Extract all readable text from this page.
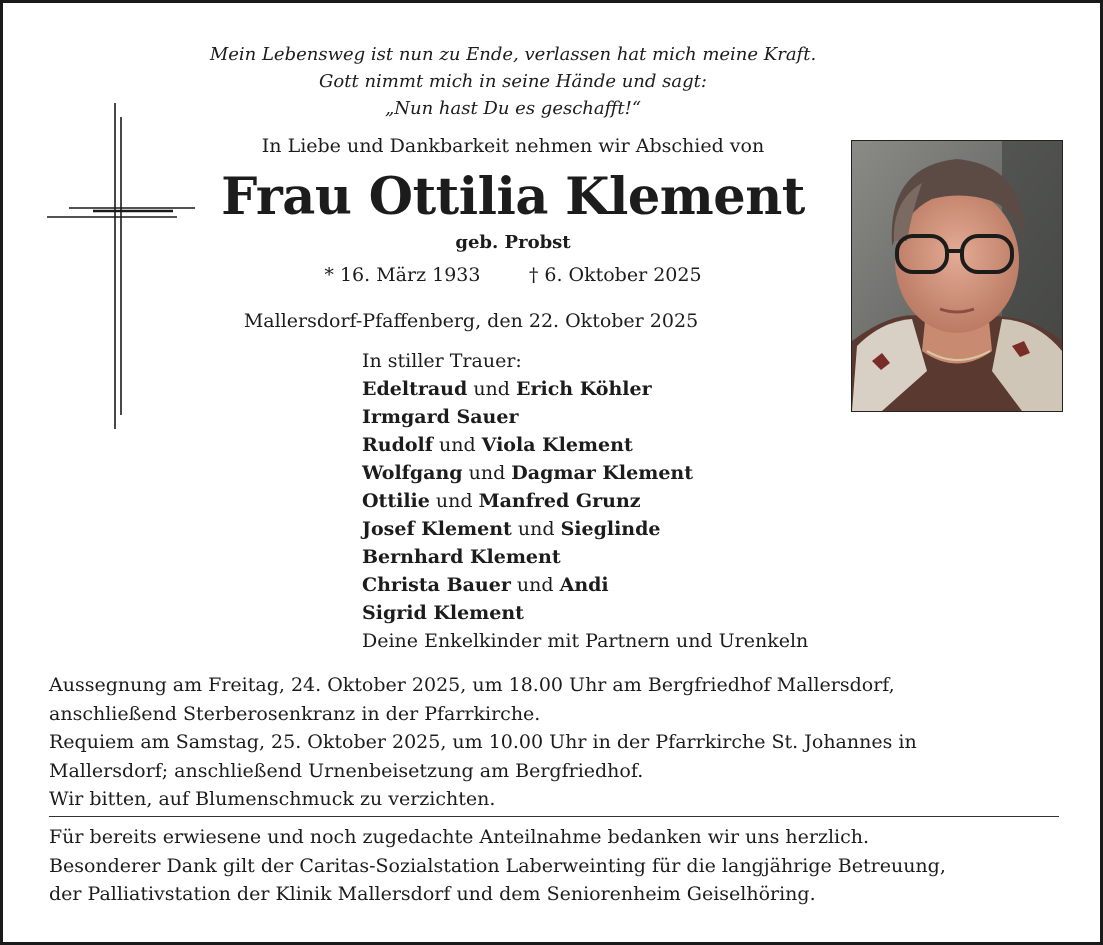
Mein Lebensweg ist nun zu Ende, verlassen hat mich meine Kraft.
Gott nimmt mich in seine Hände und sagt:
„Nun hast Du es geschafft!“
In Liebe und Dankbarkeit nehmen wir Abschied von
Frau Ottilia Klement
geb. Probst
* 16. März 1933	† 6. Oktober 2025
Mallersdorf-Pfaffenberg, den 22. Oktober 2025
In stiller Trauer:
Edeltraud und Erich Köhler
Irmgard Sauer
Rudolf und Viola Klement
Wolfgang und Dagmar Klement
Ottilie und Manfred Grunz
Josef Klement und Sieglinde
Bernhard Klement
Christa Bauer und Andi
Sigrid Klement
Deine Enkelkinder mit Partnern und Urenkeln
Aussegnung am Freitag, 24. Oktober 2025, um 18.00 Uhr am Bergfriedhof Mallersdorf,
anschließend Sterberosenkranz in der Pfarrkirche.
Requiem am Samstag, 25. Oktober 2025, um 10.00 Uhr in der Pfarrkirche St. Johannes in
Mallersdorf; anschließend Urnenbeisetzung am Bergfriedhof.
Wir bitten, auf Blumenschmuck zu verzichten.
Für bereits erwiesene und noch zugedachte Anteilnahme bedanken wir uns herzlich.
Besonderer Dank gilt der Caritas-Sozialstation Laberweinting für die langjährige Betreuung,
der Palliativstation der Klinik Mallersdorf und dem Seniorenheim Geiselhöring.
